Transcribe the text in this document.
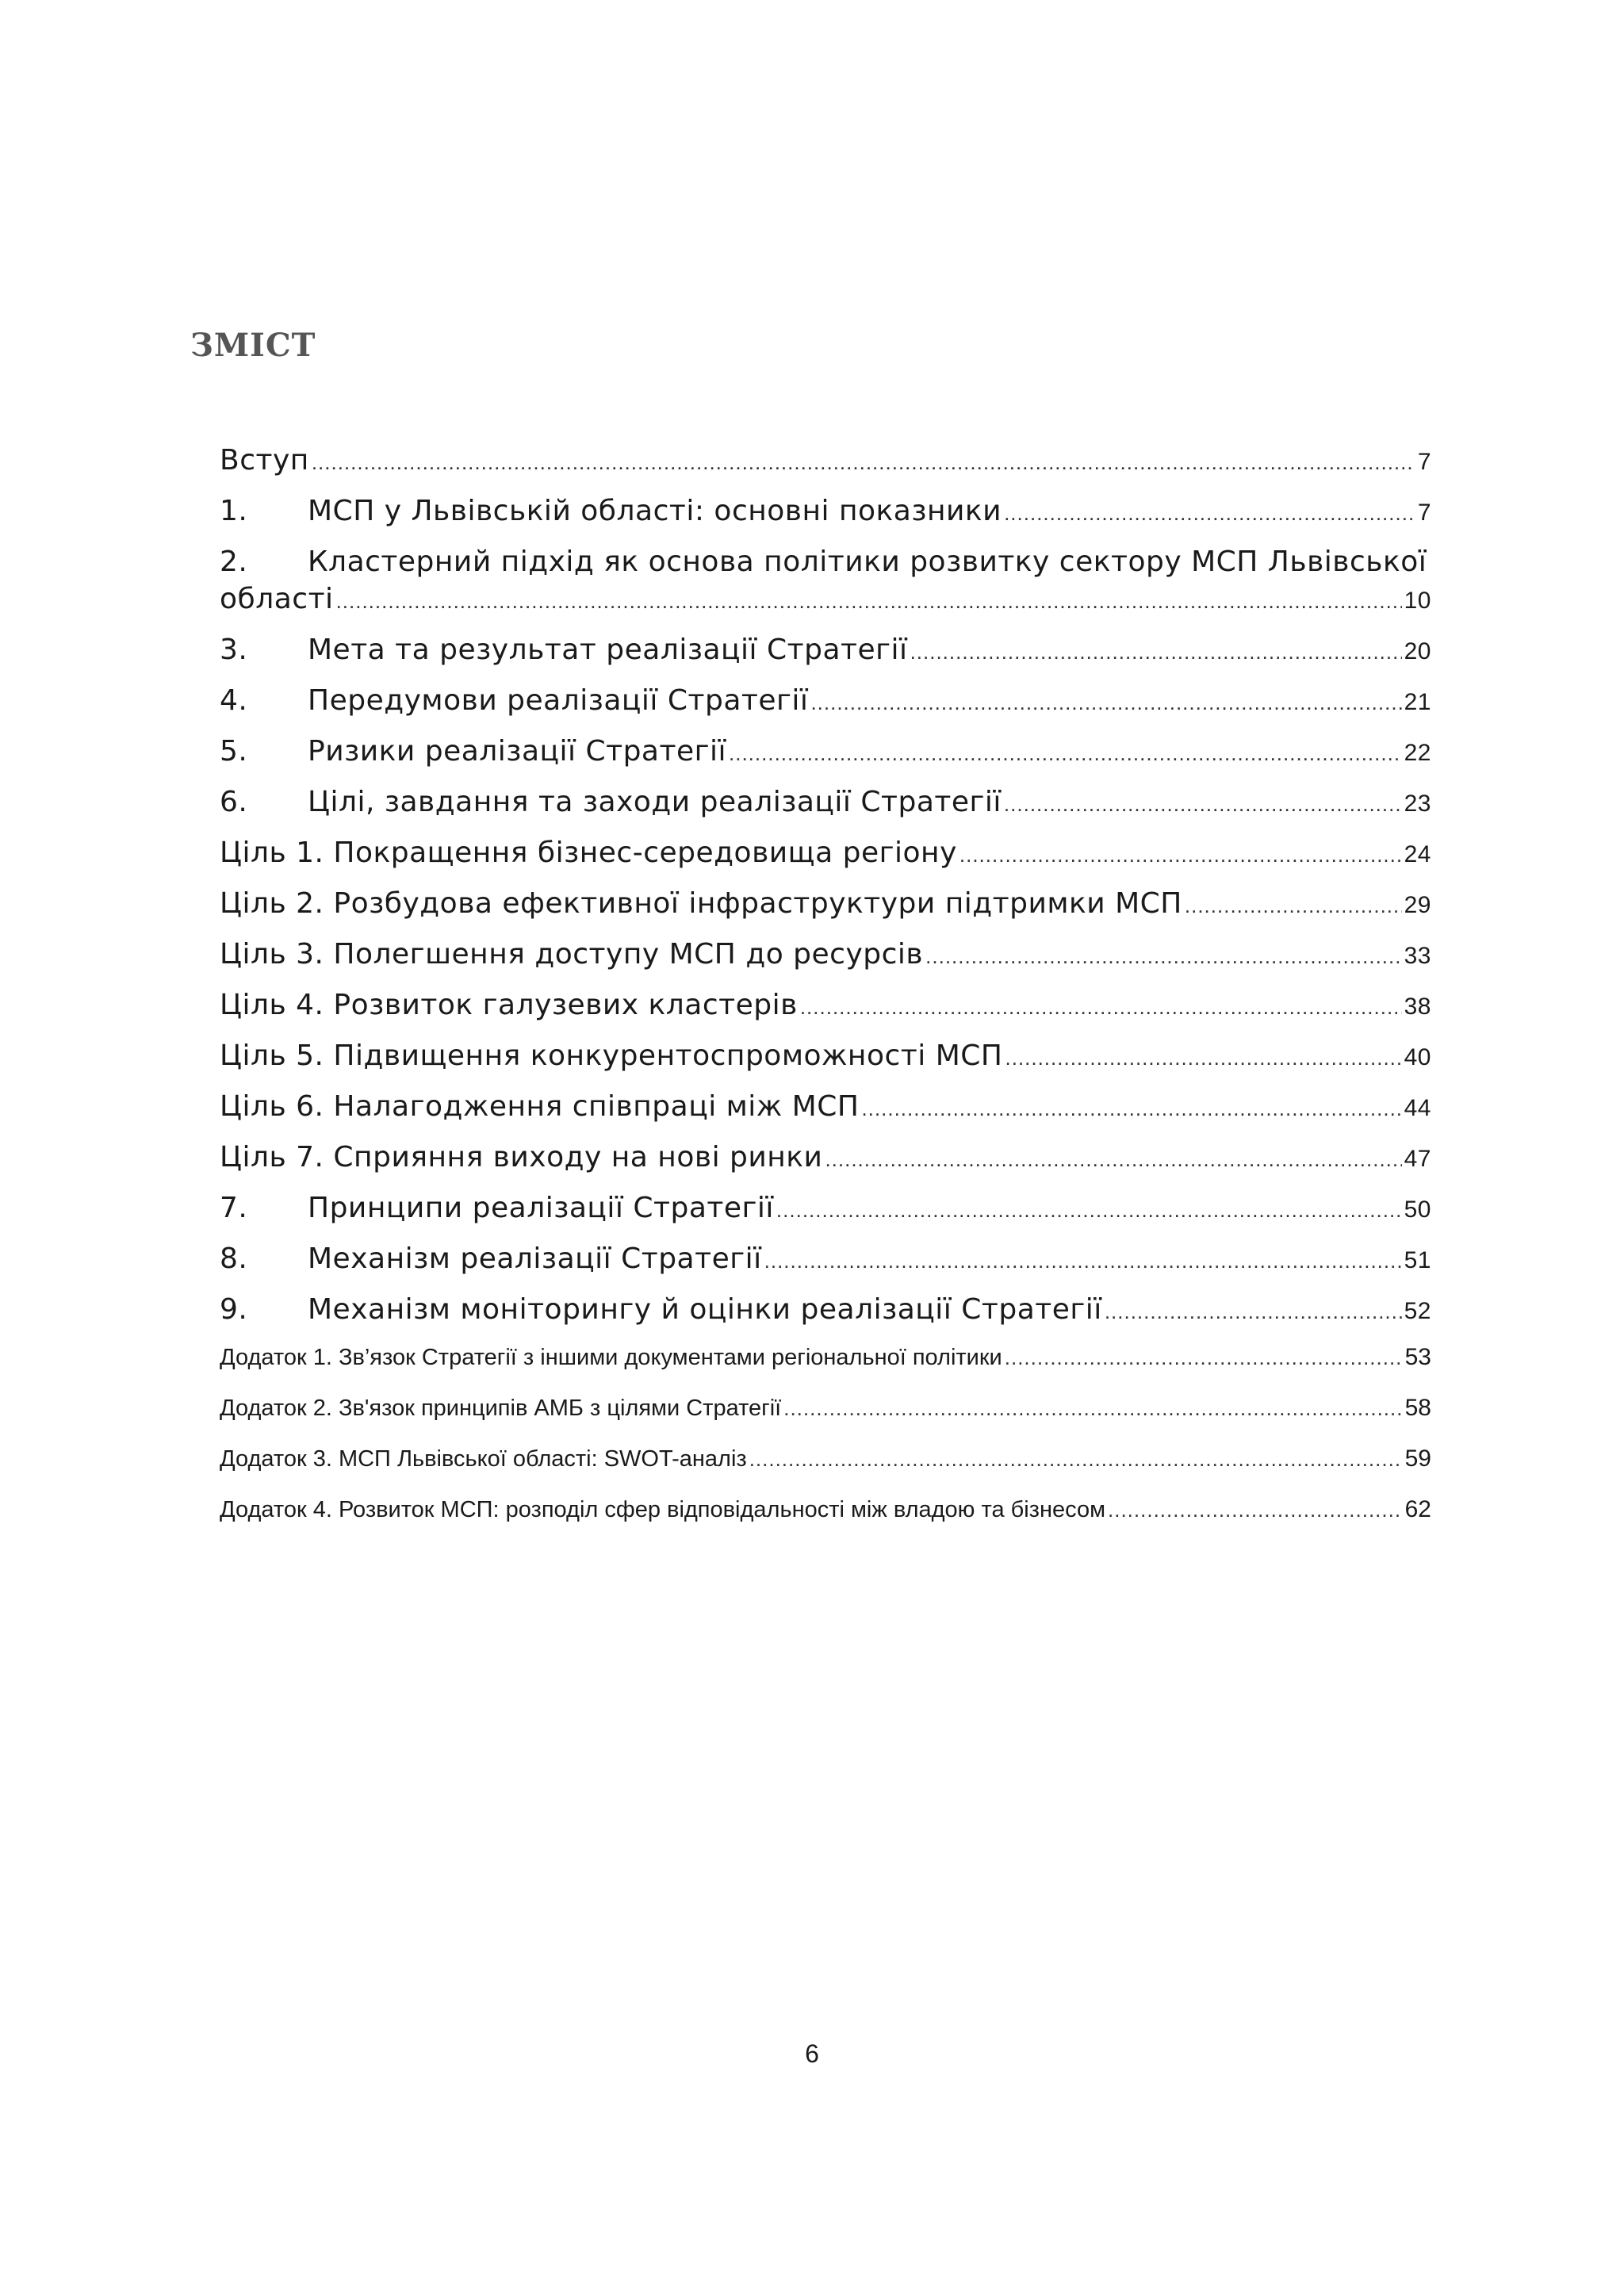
ЗМІСТ
Вступ .....	7
1.	МСП у Львівській області: основні показники .....	7
2.	Кластерний підхід як основа політики розвитку сектору МСП Львівської
області .....	10
3.	Мета та результат реалізації Стратегії .....	20
4.	Передумови реалізації Стратегії .....	21
5.	Ризики реалізації Стратегії .....	22
6.	Цілі, завдання та заходи реалізації Стратегії .....	23
Ціль 1. Покращення бізнес-середовища регіону .....	24
Ціль 2. Розбудова ефективної інфраструктури підтримки МСП .....	29
Ціль 3. Полегшення доступу МСП до ресурсів .....	33
Ціль 4. Розвиток галузевих кластерів .....	38
Ціль 5. Підвищення конкурентоспроможності МСП .....	40
Ціль 6. Налагодження співпраці між МСП .....	44
Ціль 7. Сприяння виходу на нові ринки .....	47
7.	Принципи реалізації Стратегії .....	50
8.	Механізм реалізації Стратегії .....	51
9.	Механізм моніторингу й оцінки реалізації Стратегії .....	52
Додаток 1. Зв’язок Стратегії з іншими документами регіональної політики .....	53
Додаток 2. Зв'язок принципів АМБ з цілями Стратегії .....	58
Додаток 3. МСП Львівської області: SWOT-аналіз .....	59
Додаток 4. Розвиток МСП: розподіл сфер відповідальності між владою та бізнесом .....	62
6
